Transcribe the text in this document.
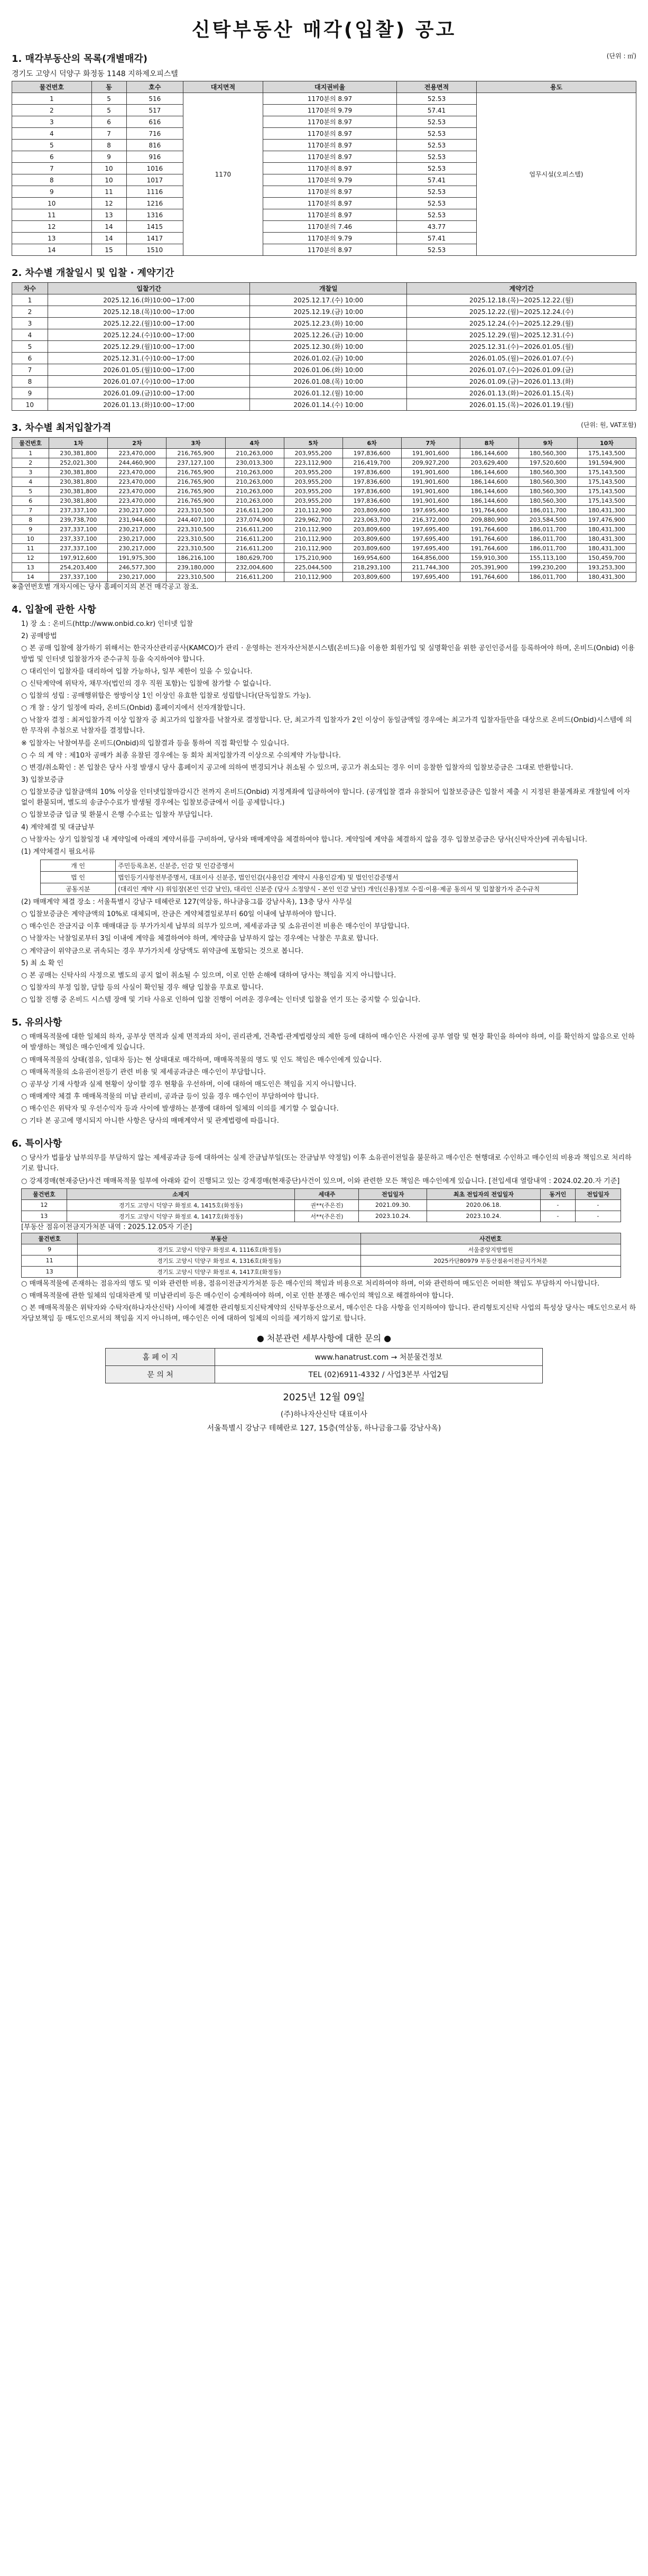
신탁부동산 매각(입찰) 공고
1. 매각부동산의 목록(개별매각)	(단위 : ㎡)
경기도 고양시 덕양구 화정동 1148 지하제오피스텔
물건번호	동	호수	대지면적	대지권비율	전용면적	용도
1	5	516	1170	1170분의 8.97	52.53	업무시설(오피스텔)
2	5	517		1170분의 9.79	57.41	
3	6	616		1170분의 8.97	52.53	
4	7	716		1170분의 8.97	52.53	
5	8	816		1170분의 8.97	52.53	
6	9	916		1170분의 8.97	52.53	
7	10	1016		1170분의 8.97	52.53	
8	10	1017		1170분의 9.79	57.41	
9	11	1116		1170분의 8.97	52.53	
10	12	1216		1170분의 8.97	52.53	
11	13	1316		1170분의 8.97	52.53	
12	14	1415		1170분의 7.46	43.77	
13	14	1417		1170분의 9.79	57.41	
14	15	1510		1170분의 8.97	52.53	
2. 차수별 개찰일시 및 입찰 · 계약기간
차수	입찰기간	개찰일	계약기간
1	2025.12.16.(화)10:00~17:00	2025.12.17.(수) 10:00	2025.12.18.(목)~2025.12.22.(월)
2	2025.12.18.(목)10:00~17:00	2025.12.19.(금) 10:00	2025.12.22.(월)~2025.12.24.(수)
3	2025.12.22.(월)10:00~17:00	2025.12.23.(화) 10:00	2025.12.24.(수)~2025.12.29.(월)
4	2025.12.24.(수)10:00~17:00	2025.12.26.(금) 10:00	2025.12.29.(월)~2025.12.31.(수)
5	2025.12.29.(월)10:00~17:00	2025.12.30.(화) 10:00	2025.12.31.(수)~2026.01.05.(월)
6	2025.12.31.(수)10:00~17:00	2026.01.02.(금) 10:00	2026.01.05.(월)~2026.01.07.(수)
7	2026.01.05.(월)10:00~17:00	2026.01.06.(화) 10:00	2026.01.07.(수)~2026.01.09.(금)
8	2026.01.07.(수)10:00~17:00	2026.01.08.(목) 10:00	2026.01.09.(금)~2026.01.13.(화)
9	2026.01.09.(금)10:00~17:00	2026.01.12.(월) 10:00	2026.01.13.(화)~2026.01.15.(목)
10	2026.01.13.(화)10:00~17:00	2026.01.14.(수) 10:00	2026.01.15.(목)~2026.01.19.(월)
3. 차수별 최저입찰가격	(단위: 원, VAT포함)
물건번호	1차	2차	3차	4차	5차	6차	7차	8차	9차	10차
1	230,381,800	223,470,000	216,765,900	210,263,000	203,955,200	197,836,600	191,901,600	186,144,600	180,560,300	175,143,500
2	252,021,300	244,460,900	237,127,100	230,013,300	223,112,900	216,419,700	209,927,200	203,629,400	197,520,600	191,594,900
3	230,381,800	223,470,000	216,765,900	210,263,000	203,955,200	197,836,600	191,901,600	186,144,600	180,560,300	175,143,500
4	230,381,800	223,470,000	216,765,900	210,263,000	203,955,200	197,836,600	191,901,600	186,144,600	180,560,300	175,143,500
5	230,381,800	223,470,000	216,765,900	210,263,000	203,955,200	197,836,600	191,901,600	186,144,600	180,560,300	175,143,500
6	230,381,800	223,470,000	216,765,900	210,263,000	203,955,200	197,836,600	191,901,600	186,144,600	180,560,300	175,143,500
7	237,337,100	230,217,000	223,310,500	216,611,200	210,112,900	203,809,600	197,695,400	191,764,600	186,011,700	180,431,300
8	239,738,700	231,944,600	244,407,100	237,074,900	229,962,700	223,063,700	216,372,000	209,880,900	203,584,500	197,476,900
9	237,337,100	230,217,000	223,310,500	216,611,200	210,112,900	203,809,600	197,695,400	191,764,600	186,011,700	180,431,300
10	237,337,100	230,217,000	223,310,500	216,611,200	210,112,900	203,809,600	197,695,400	191,764,600	186,011,700	180,431,300
11	237,337,100	230,217,000	223,310,500	216,611,200	210,112,900	203,809,600	197,695,400	191,764,600	186,011,700	180,431,300
12	197,912,600	191,975,300	186,216,100	180,629,700	175,210,900	169,954,600	164,856,000	159,910,300	155,113,100	150,459,700
13	254,203,400	246,577,300	239,180,000	232,004,600	225,044,500	218,293,100	211,744,300	205,391,900	199,230,200	193,253,300
14	237,337,100	230,217,000	223,310,500	216,611,200	210,112,900	203,809,600	197,695,400	191,764,600	186,011,700	180,431,300
※출연번호별 개차시에는 당사 홈페이지의 본건 매각공고 참조.
4. 입찰에 관한 사항

1) 장 소 : 온비드(http://www.onbid.co.kr) 인터넷 입찰

2) 공매방법

○ 본 공매 입찰에 참가하기 위해서는 한국자산관리공사(KAMCO)가 관리 · 운영하는 전자자산처분시스템(온비드)을 이용한 회원가입 및 실명확인을 위한 공인인증서를 등록하여야 하며, 온비드(Onbid) 이용방법 및 인터넷 입찰참가자 준수규칙 등을 숙지하여야 합니다.

○ 대리인이 입찰자를 대리하여 입찰 가능하나, 일부 제한이 있을 수 있습니다.

○ 신탁계약에 위탁자, 채무자(법인의 경우 직원 포함)는 입찰에 참가할 수 없습니다.

○ 입찰의 성립 : 공매행위합은 쌍방이상 1인 이상인 유효한 입찰로 성립합니다(단독입찰도 가능).

○ 개 찰 : 상기 일정에 따라, 온비드(Onbid) 홈페이지에서 선자개찰합니다.

○ 낙찰자 결정 : 최저입찰가격 이상 입찰자 중 최고가의 입찰자를 낙찰자로 결정합니다. 단, 최고가격 입찰자가 2인 이상이 동일금액일 경우에는 최고가격 입찰자들만을 대상으로 온비드(Onbid)시스템에 의한 무작위 추첨으로 낙찰자를 결정합니다.

※ 입찰자는 낙찰여부를 온비드(Onbid)의 입찰결과 등을 통하여 직접 확인할 수 있습니다.

○ 수 의 계 약 : 제10차 공매가 최종 유찰된 경우에는 동 회차 최저입찰가격 이상으로 수의계약 가능합니다.

○ 변경/취소확인 : 본 입찰은 당사 사정 발생시 당사 홈페이지 공고에 의하여 변경되거나 취소될 수 있으며, 공고가 취소되는 경우 이미 응찰한 입찰자의 입찰보증금은 그대로 반환합니다.

3) 입찰보증금

○ 입찰보증금 입찰금액의 10% 이상을 인터넷입찰마감시간 전까지 온비드(Onbid) 지정계좌에 입금하여야 합니다. (공개입찰 결과 유찰되어 입찰보증금은 입찰서 제출 시 지정된 환불계좌로 개찰일에 이자 없이 환불되며, 별도의 송금수수료가 발생될 경우에는 입찰보증금에서 이를 공제합니다.)

○ 입찰보증금 입금 및 환불시 은행 수수료는 입찰자 부담입니다.

4) 계약체결 및 대금납부

○ 낙찰자는 상기 입찰일정 내 계약일에 아래의 계약서류를 구비하여, 당사와 매매계약을 체결하여야 합니다. 계약일에 계약을 체결하지 않을 경우 입찰보증금은 당사(신탁자산)에 귀속됩니다.

(1) 계약체결시 필요서류

개 인	주민등록초본, 신분증, 인감 및 인감증명서
법 인	법인등기사항전부증명서, 대표이사 신분증, 법인인감(사용인감 계약시 사용인감계) 및 법인인감증명서
공동지분	(대리인 계약 시) 위임장(본인 인감 날인), 대리인 신분증 (당사 소정양식 - 본인 인감 날인) 개인(신용)정보 수집·이용·제공 동의서 및 입찰참가자 준수규칙

(2) 매매계약 체결 장소 : 서울특별시 강남구 테헤란로 127(역삼동, 하나금융그룹 강남사옥), 13층 당사 사무실

○ 입찰보증금은 계약금액의 10%로 대체되며, 잔금은 계약체결일로부터 60일 이내에 납부하여야 합니다.

○ 매수인은 잔금지급 이후 매매대금 등 부가가치세 납부의 의무가 있으며, 제세공과금 및 소유권이전 비용은 매수인이 부담합니다.

○ 낙찰자는 낙찰일로부터 3일 이내에 계약을 체결하여야 하며, 계약금을 납부하지 않는 경우에는 낙찰은 무효로 합니다.

○ 계약금이 위약금으로 귀속되는 경우 부가가치세 상당액도 위약금에 포함되는 것으로 봅니다.

5) 최 소 확 인

○ 본 공매는 신탁사의 사정으로 별도의 공지 없이 취소될 수 있으며, 이로 인한 손해에 대하여 당사는 책임을 지지 아니합니다.

○ 입찰자의 부정 입찰, 담합 등의 사실이 확인될 경우 해당 입찰을 무효로 합니다.

○ 입찰 진행 중 온비드 시스템 장애 및 기타 사유로 인하여 입찰 진행이 어려운 경우에는 인터넷 입찰을 연기 또는 중지할 수 있습니다.

5. 유의사항

○ 매매목적물에 대한 일체의 하자, 공부상 면적과 실제 면적과의 차이, 권리관계, 건축법·관계법령상의 제한 등에 대하여 매수인은 사전에 공부 열람 및 현장 확인을 하여야 하며, 이를 확인하지 않음으로 인하여 발생하는 책임은 매수인에게 있습니다.

○ 매매목적물의 상태(점유, 임대차 등)는 현 상태대로 매각하며, 매매목적물의 명도 및 인도 책임은 매수인에게 있습니다.

○ 매매목적물의 소유권이전등기 관련 비용 및 제세공과금은 매수인이 부담합니다.

○ 공부상 기재 사항과 실제 현황이 상이할 경우 현황을 우선하며, 이에 대하여 매도인은 책임을 지지 아니합니다.

○ 매매계약 체결 후 매매목적물의 미납 관리비, 공과금 등이 있을 경우 매수인이 부담하여야 합니다.

○ 매수인은 위탁자 및 우선수익자 등과 사이에 발생하는 분쟁에 대하여 일체의 이의를 제기할 수 없습니다.

○ 기타 본 공고에 명시되지 아니한 사항은 당사의 매매계약서 및 관계법령에 따릅니다.

6. 특이사항

○ 당사가 법률상 납부의무를 부담하지 않는 제세공과금 등에 대하여는 실제 잔금납부일(또는 잔금납부 약정일) 이후 소유권이전일을 불문하고 매수인은 현행대로 수인하고 매수인의 비용과 책임으로 처리하기로 합니다.

○ 강제경매(현재중단)사건 매매목적물 일부에 아래와 같이 진행되고 있는 강제경매(현재중단)사건이 있으며, 이와 관련한 모든 책임은 매수인에게 있습니다. [전입세대 열람내역 : 2024.02.20.자 기준]

물건번호	소재지	세대주	전입일자	최초 전입자의 전입일자	동거인	전입일자
12	경기도 고양시 덕양구 화정로 4, 1415호(화정동)	권**(주은진)	2021.09.30.	2020.06.18.	-	-
13	경기도 고양시 덕양구 화정로 4, 1417호(화정동)	서**(주은진)	2023.10.24.	2023.10.24.	-	-
[부동산 점유이전금지가처분 내역 : 2025.12.05자 기준]
물건번호	부동산	사건번호
9	경기도 고양시 덕양구 화정로 4, 1116호(화정동)	서울중앙지방법원
11	경기도 고양시 덕양구 화정로 4, 1316호(화정동)	2025카단80979 부동산점유이전금지가처분
13	경기도 고양시 덕양구 화정로 4, 1417호(화정동)	

○ 매매목적물에 존재하는 점유자의 명도 및 이와 관련한 비용, 점유이전금지가처분 등은 매수인의 책임과 비용으로 처리하여야 하며, 이와 관련하여 매도인은 어떠한 책임도 부담하지 아니합니다.

○ 매매목적물에 관한 일체의 임대차관계 및 미납관리비 등은 매수인이 승계하여야 하며, 이로 인한 분쟁은 매수인의 책임으로 해결하여야 합니다.

○ 본 매매목적물은 위탁자와 수탁자(하나자산신탁) 사이에 체결한 관리형토지신탁계약의 신탁부동산으로서, 매수인은 다음 사항을 인지하여야 합니다. 관리형토지신탁 사업의 특성상 당사는 매도인으로서 하자담보책임 등 매도인으로서의 책임을 지지 아니하며, 매수인은 이에 대하여 일체의 이의를 제기하지 않기로 합니다.

● 처분관련 세부사항에 대한 문의 ●
홈 페 이 지	www.hanatrust.com → 처분물건정보
문 의 처	TEL (02)6911-4332 / 사업3본부 사업2팀
2025년 12월 09일
(주)하나자산신탁 대표이사
서울특별시 강남구 테헤란로 127, 15층(역삼동, 하나금융그룹 강남사옥)
